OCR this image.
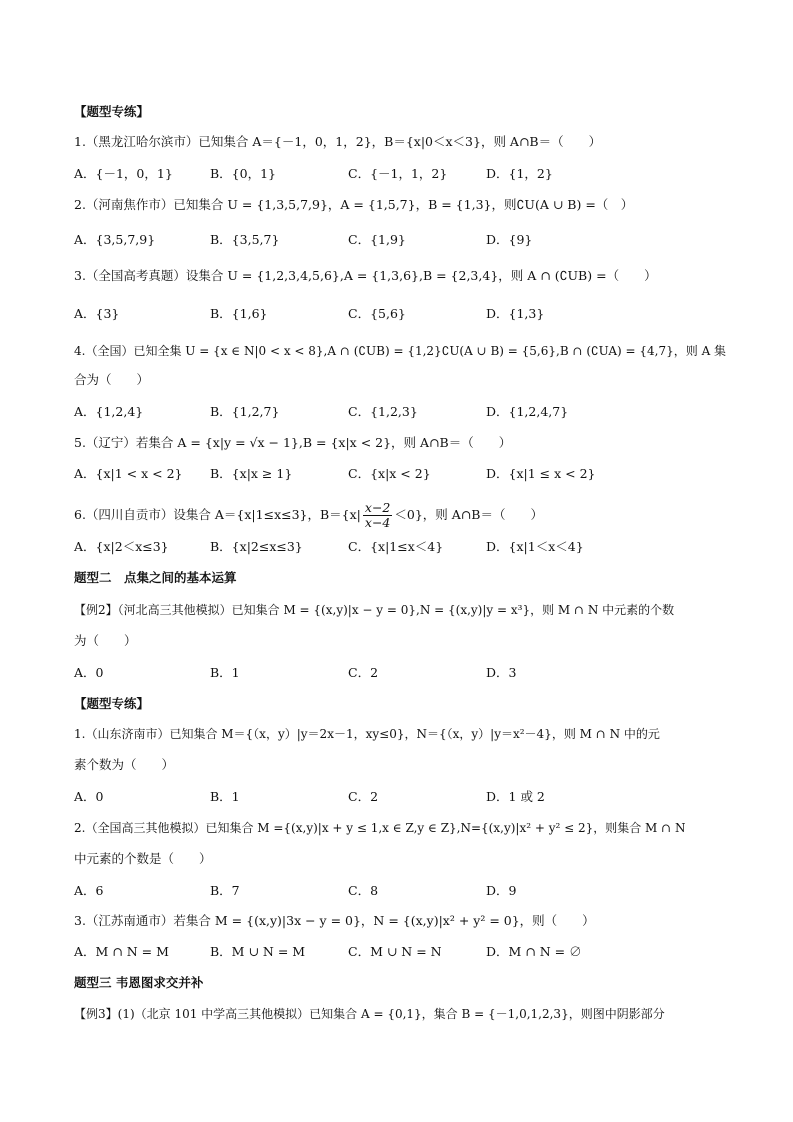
【题型专练】
1.（黑龙江哈尔滨市）已知集合 A＝{－1，0，1，2}，B＝{x|0＜x＜3}，则 A∩B＝（　　）
A．{－1，0，1}	B．{0，1}	C．{－1，1，2}	D．{1，2}
2.（河南焦作市）已知集合 U = {1,3,5,7,9}，A = {1,5,7}，B = {1,3}，则∁U(A ∪ B) =（　）
A．{3,5,7,9}	B．{3,5,7}	C．{1,9}	D．{9}
3.（全国高考真题）设集合 U = {1,2,3,4,5,6},A = {1,3,6},B = {2,3,4}，则 A ∩ (∁UB) =（　　）
A．{3}	B．{1,6}	C．{5,6}	D．{1,3}
4.（全国）已知全集 U = {x ∈ N|0 < x < 8},A ∩ (∁UB) = {1,2}∁U(A ∪ B) = {5,6},B ∩ (∁UA) = {4,7}，则 A 集
合为（　　）
A．{1,2,4}	B．{1,2,7}	C．{1,2,3}	D．{1,2,4,7}
5.（辽宁）若集合 A = {x|y = √x − 1},B = {x|x < 2}，则 A∩B＝（　　）
A．{x|1 < x < 2} B．{x|x ≥ 1}	C．{x|x < 2}	D．{x|1 ≤ x < 2}
6.（四川自贡市）设集合 A＝{x|1≤x≤3}，$B=\{x| \frac{x-2}{x-4} <0\}$，则 A∩B＝（　　）
A．{x|2＜x≤3}	B．{x|2≤x≤3}	C．{x|1≤x＜4}	D．{x|1＜x＜4}
题型二　点集之间的基本运算
【例2】（河北高三其他模拟）已知集合 M = {(x,y)|x − y = 0},N = {(x,y)|y = x³}，则 M ∩ N 中元素的个数
为（　　）
A．0	B．1	C．2	D．3
【题型专练】
1.（山东济南市）已知集合 M＝{（x，y）|y＝2x－1，xy≤0}，N＝{（x，y）|y＝x²－4}，则 M ∩ N 中的元
素个数为（　　）
A．0	B．1	C．2	D．1 或 2
2.（全国高三其他模拟）已知集合 M ={(x,y)|x + y ≤ 1,x ∈ Z,y ∈ Z},N={(x,y)|x² + y² ≤ 2}，则集合 M ∩ N
中元素的个数是（　　）
A．6	B．7	C．8	D．9
3.（江苏南通市）若集合 M = {(x,y)|3x − y = 0}，N = {(x,y)|x² + y² = 0}，则（　　）
A．M ∩ N = M	B．M ∪ N = M	C．M ∪ N = N	D．M ∩ N = ∅
题型三 韦恩图求交并补
【例3】(1)（北京 101 中学高三其他模拟）已知集合 A = {0,1}，集合 B = {－1,0,1,2,3}，则图中阴影部分
